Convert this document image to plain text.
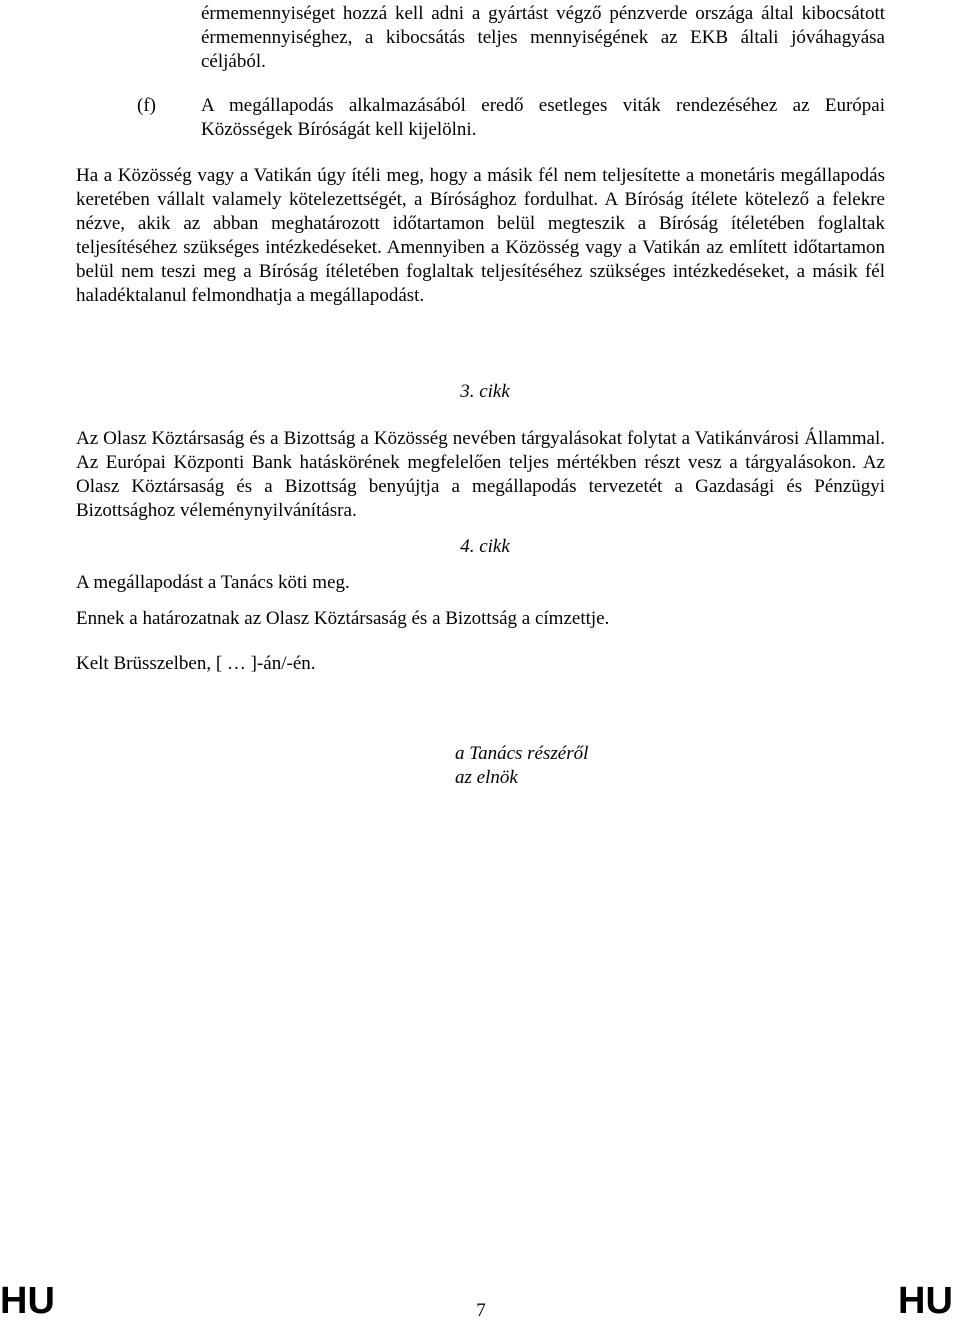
érmemennyiséget hozzá kell adni a gyártást végző pénzverde országa által kibocsátott érmemennyiséghez, a kibocsátás teljes mennyiségének az EKB általi jóváhagyása céljából.
(f)	A megállapodás alkalmazásából eredő esetleges viták rendezéséhez az Európai Közösségek Bíróságát kell kijelölni.
Ha a Közösség vagy a Vatikán úgy ítéli meg, hogy a másik fél nem teljesítette a monetáris megállapodás keretében vállalt valamely kötelezettségét, a Bírósághoz fordulhat. A Bíróság ítélete kötelező a felekre nézve, akik az abban meghatározott időtartamon belül megteszik a Bíróság ítéletében foglaltak teljesítéséhez szükséges intézkedéseket. Amennyiben a Közösség vagy a Vatikán az említett időtartamon belül nem teszi meg a Bíróság ítéletében foglaltak teljesítéséhez szükséges intézkedéseket, a másik fél haladéktalanul felmondhatja a megállapodást.
3. cikk
Az Olasz Köztársaság és a Bizottság a Közösség nevében tárgyalásokat folytat a Vatikánvárosi Állammal. Az Európai Központi Bank hatáskörének megfelelően teljes mértékben részt vesz a tárgyalásokon. Az Olasz Köztársaság és a Bizottság benyújtja a megállapodás tervezetét a Gazdasági és Pénzügyi Bizottsághoz véleménynyilvánításra.
4. cikk
A megállapodást a Tanács köti meg.
Ennek a határozatnak az Olasz Köztársaság és a Bizottság a címzettje.
Kelt Brüsszelben, [ … ]-án/-én.
a Tanács részéről
az elnök
HU	7	HU
